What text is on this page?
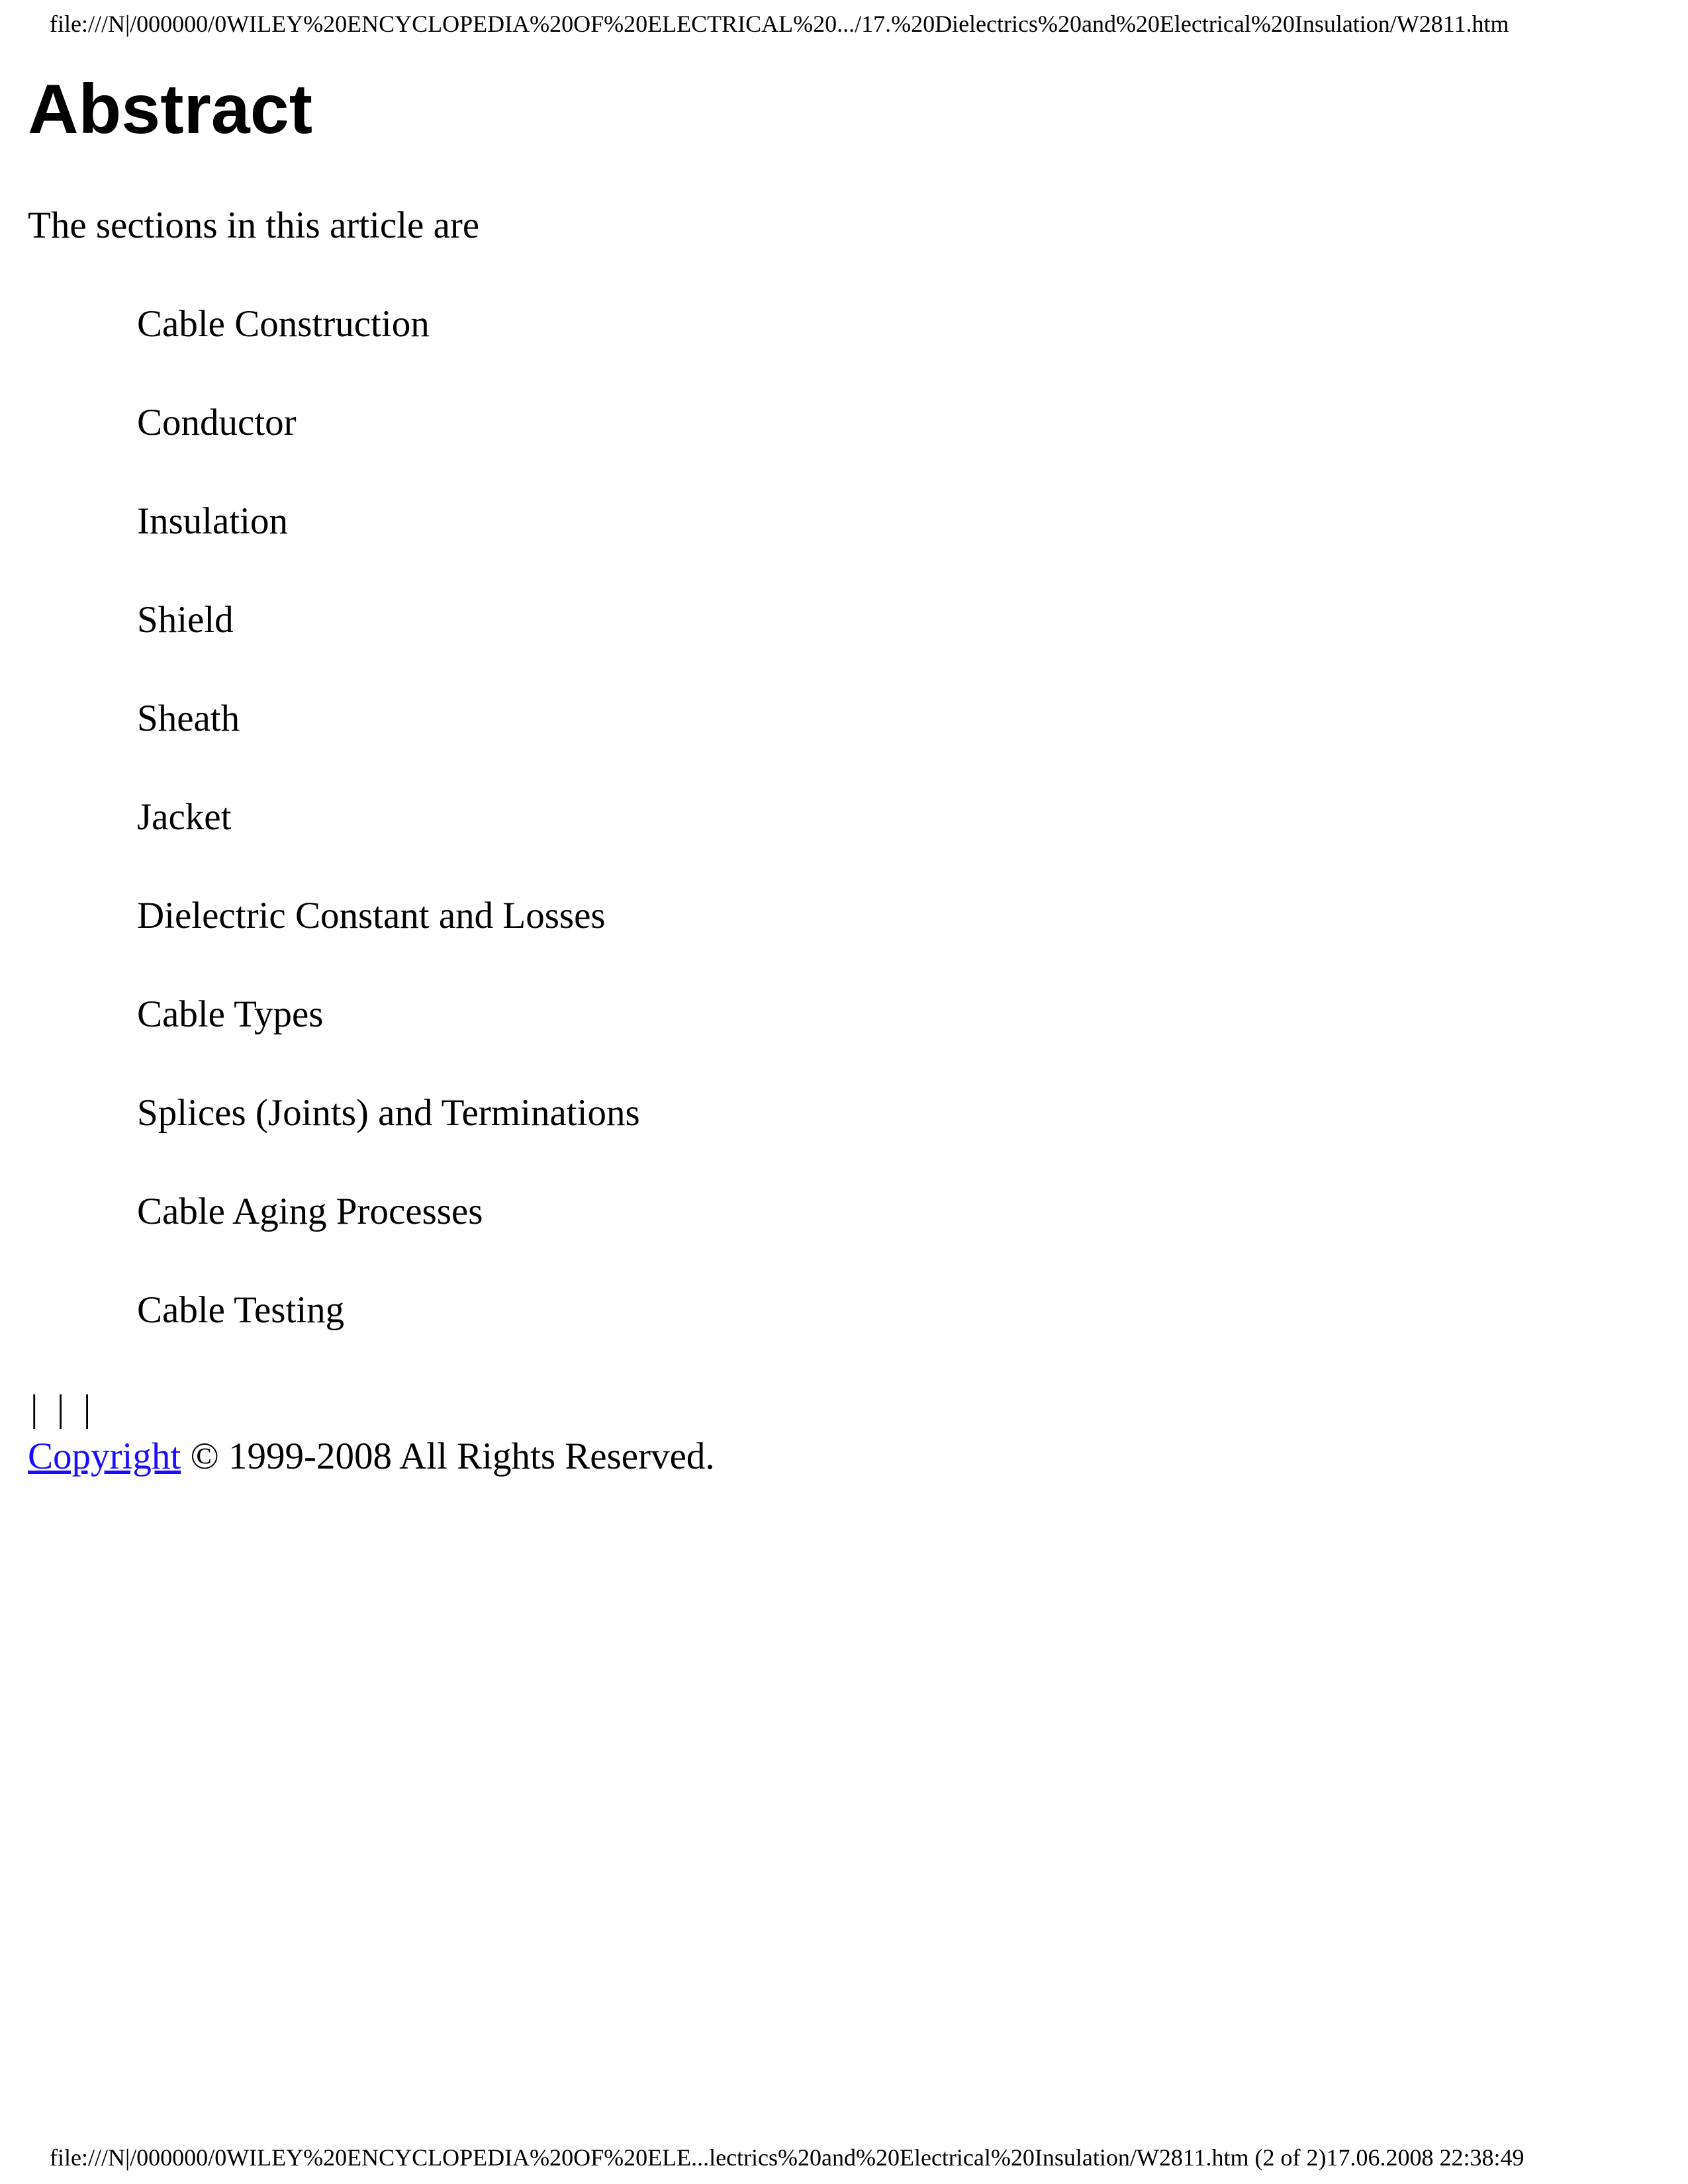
file:///N|/000000/0WILEY%20ENCYCLOPEDIA%20OF%20ELECTRICAL%20.../17.%20Dielectrics%20and%20Electrical%20Insulation/W2811.htm
Abstract

The sections in this article are

Cable Construction
Conductor
Insulation
Shield
Sheath
Jacket
Dielectric Constant and Losses
Cable Types
Splices (Joints) and Terminations
Cable Aging Processes
Cable Testing
|  |  |

Copyright © 1999-2008 All Rights Reserved.

file:///N|/000000/0WILEY%20ENCYCLOPEDIA%20OF%20ELE...lectrics%20and%20Electrical%20Insulation/W2811.htm (2 of 2)17.06.2008 22:38:49
